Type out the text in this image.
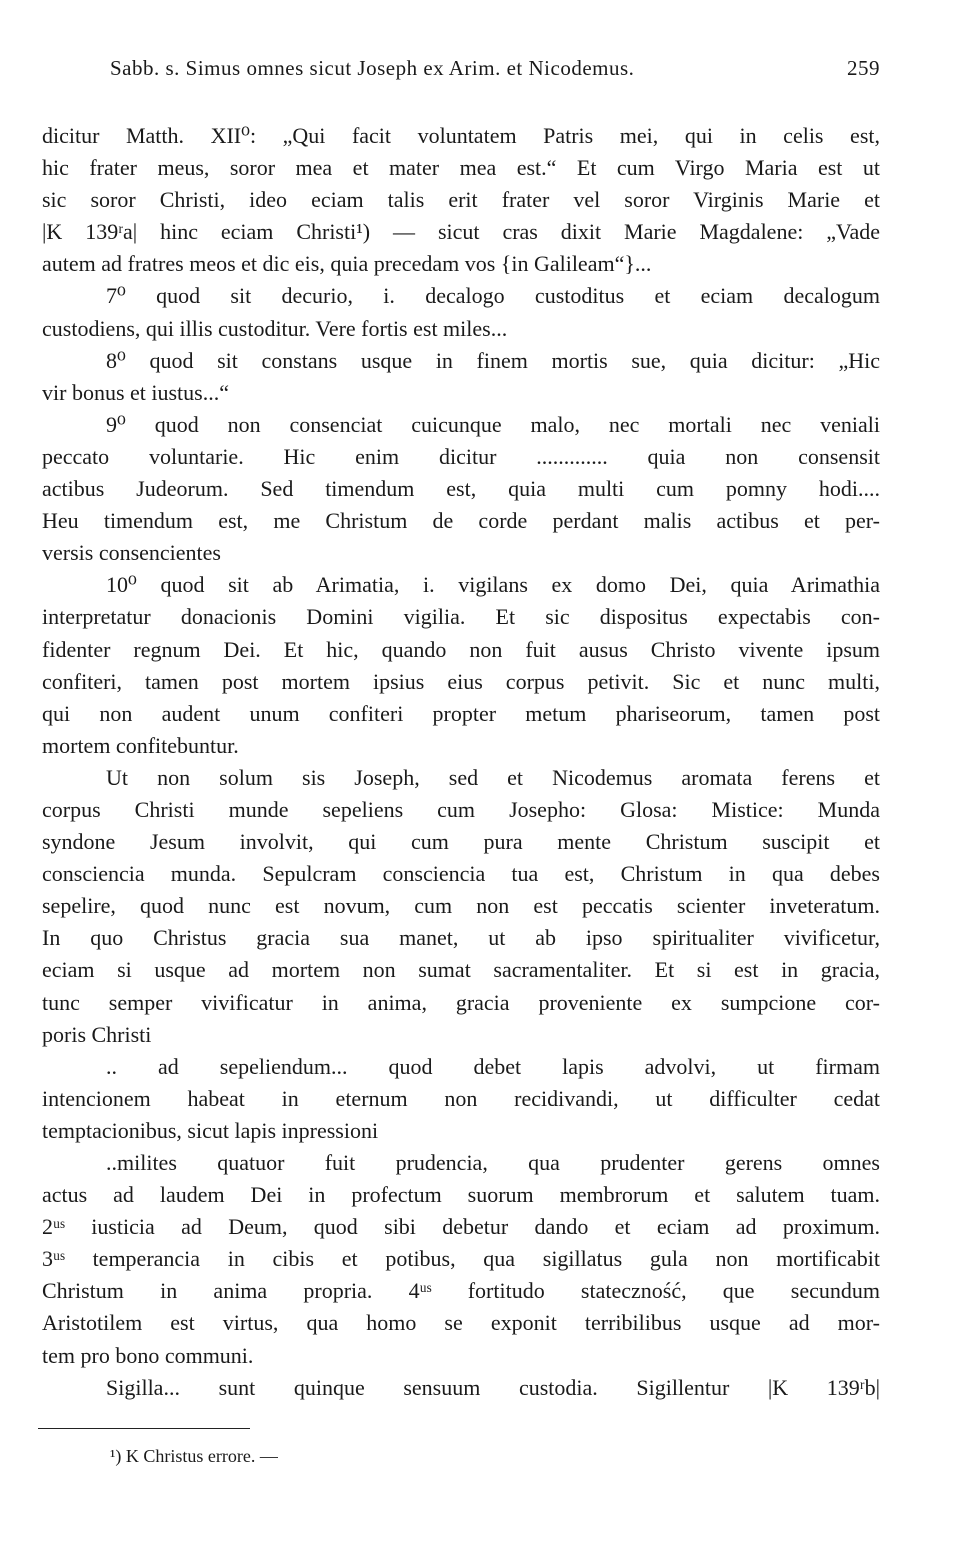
Sabb. s. Simus omnes sicut Joseph ex Arim. et Nicodemus.	259
dicitur Matth. XII⁰: „Qui facit voluntatem Patris mei, qui in celis est,
hic frater meus, soror mea et mater mea est.“ Et cum Virgo Maria est ut
sic soror Christi, ideo eciam talis erit frater vel soror Virginis Marie et
|K 139ʳa| hinc eciam Christi¹) — sicut cras dixit Marie Magdalene: „Vade
autem ad fratres meos et dic eis, quia precedam vos {in Galileam“}...
7⁰ quod sit decurio, i. decalogo custoditus et eciam decalogum
custodiens, qui illis custoditur. Vere fortis est miles...
8⁰ quod sit constans usque in finem mortis sue, quia dicitur: „Hic
vir bonus et iustus...“
9⁰ quod non consenciat cuicunque malo, nec mortali nec veniali
peccato voluntarie. Hic enim dicitur ............. quia non consensit
actibus Judeorum. Sed timendum est, quia multi cum pomny hodi....
Heu timendum est, me Christum de corde perdant malis actibus et per-
versis consencientes
10⁰ quod sit ab Arimatia, i. vigilans ex domo Dei, quia Arimathia
interpretatur donacionis Domini vigilia. Et sic dispositus expectabis con-
fidenter regnum Dei. Et hic, quando non fuit ausus Christo vivente ipsum
confiteri, tamen post mortem ipsius eius corpus petivit. Sic et nunc multi,
qui non audent unum confiteri propter metum phariseorum, tamen post
mortem confitebuntur.
Ut non solum sis Joseph, sed et Nicodemus aromata ferens et
corpus Christi munde sepeliens cum Josepho: Glosa: Mistice: Munda
syndone Jesum involvit, qui cum pura mente Christum suscipit et
consciencia munda. Sepulcram consciencia tua est, Christum in qua debes
sepelire, quod nunc est novum, cum non est peccatis scienter inveteratum.
In quo Christus gracia sua manet, ut ab ipso spiritualiter vivificetur,
eciam si usque ad mortem non sumat sacramentaliter. Et si est in gracia,
tunc semper vivificatur in anima, gracia proveniente ex sumpcione cor-
poris Christi
.. ad sepeliendum... quod debet lapis advolvi, ut firmam
intencionem habeat in eternum non recidivandi, ut difficulter cedat
temptacionibus, sicut lapis inpressioni
..milites quatuor fuit prudencia, qua prudenter gerens omnes
actus ad laudem Dei in profectum suorum membrorum et salutem tuam.
2ᵘˢ iusticia ad Deum, quod sibi debetur dando et eciam ad proximum.
3ᵘˢ temperancia in cibis et potibus, qua sigillatus gula non mortificabit
Christum in anima propria. 4ᵘˢ fortitudo stateczność, que secundum
Aristotilem est virtus, qua homo se exponit terribilibus usque ad mor-
tem pro bono communi.
Sigilla... sunt quinque sensuum custodia. Sigillentur |K 139ʳb|
¹) K Christus errore. —
